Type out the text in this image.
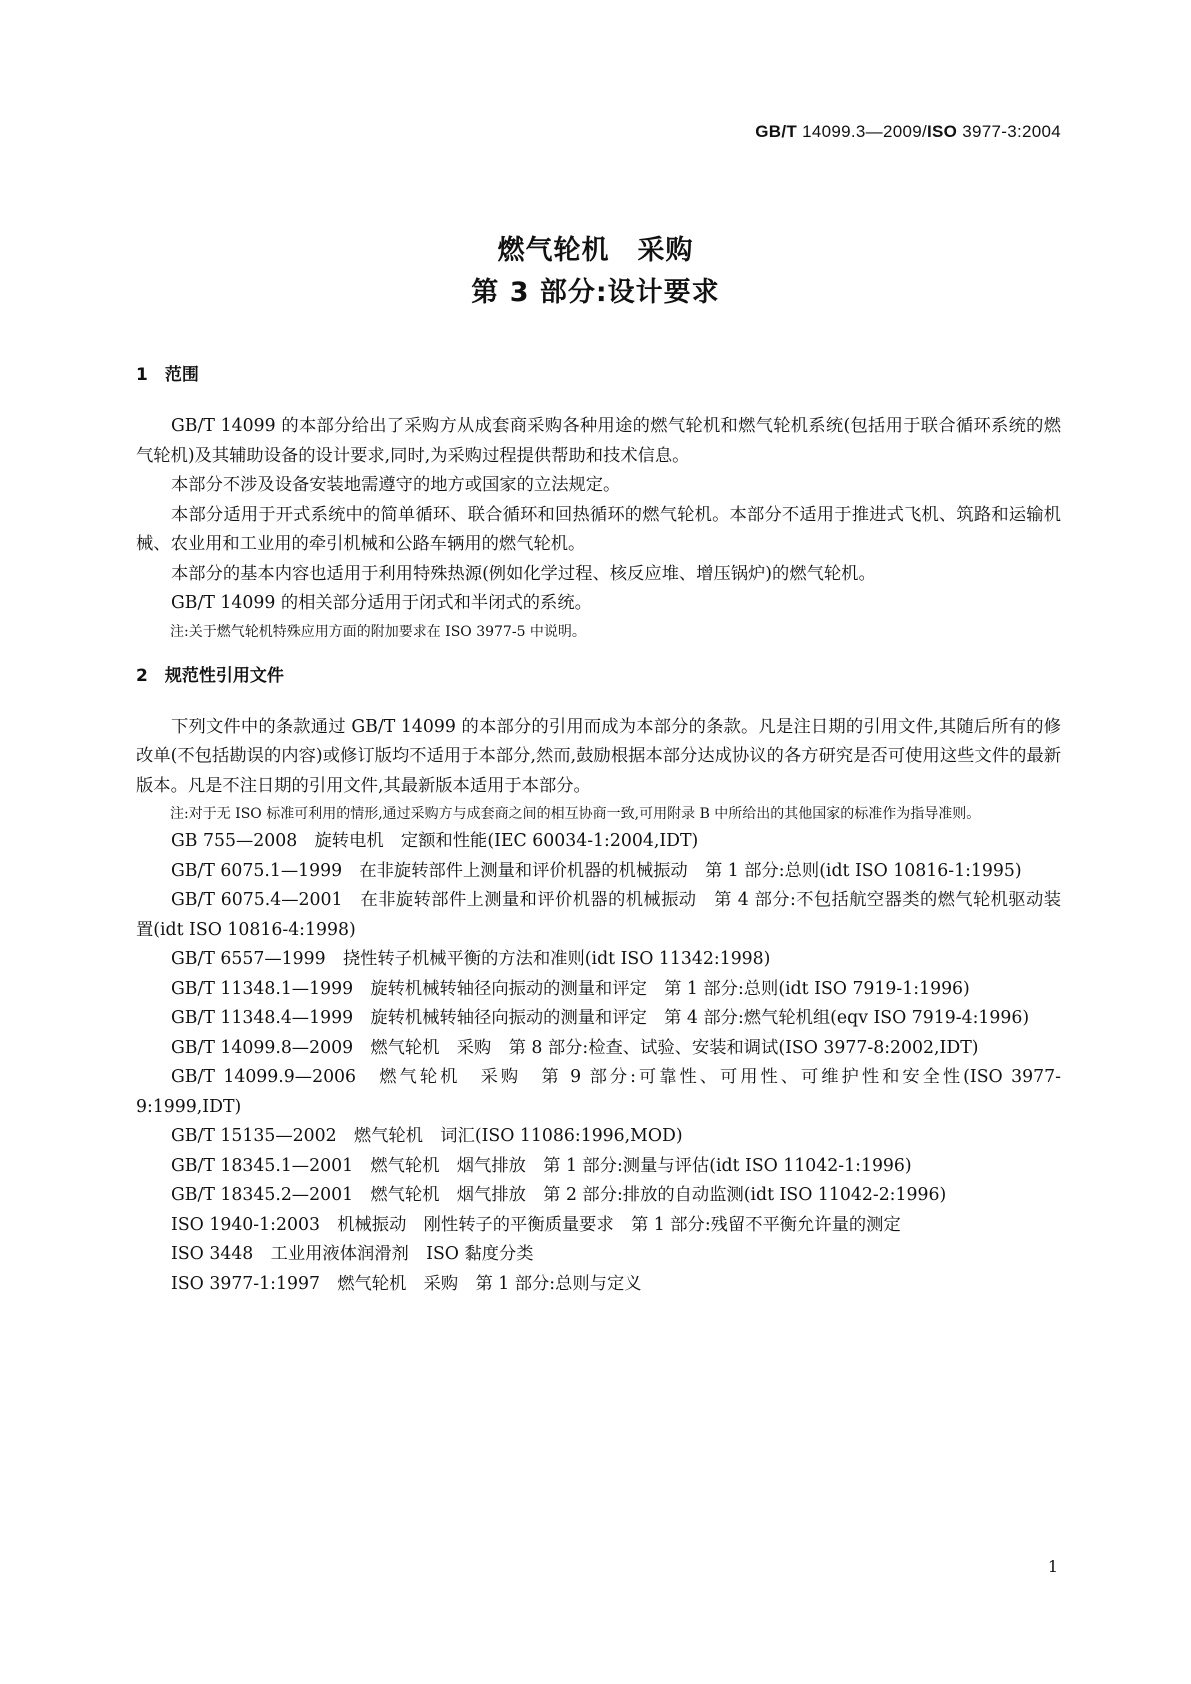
GB/T 14099.3—2009/ISO 3977-3:2004
燃气轮机　采购
第 3 部分:设计要求
1　范围

GB/T 14099 的本部分给出了采购方从成套商采购各种用途的燃气轮机和燃气轮机系统(包括用于联合循环系统的燃气轮机)及其辅助设备的设计要求,同时,为采购过程提供帮助和技术信息。

本部分不涉及设备安装地需遵守的地方或国家的立法规定。

本部分适用于开式系统中的简单循环、联合循环和回热循环的燃气轮机。本部分不适用于推进式飞机、筑路和运输机械、农业用和工业用的牵引机械和公路车辆用的燃气轮机。

本部分的基本内容也适用于利用特殊热源(例如化学过程、核反应堆、增压锅炉)的燃气轮机。

GB/T 14099 的相关部分适用于闭式和半闭式的系统。

注:关于燃气轮机特殊应用方面的附加要求在 ISO 3977-5 中说明。

2　规范性引用文件

下列文件中的条款通过 GB/T 14099 的本部分的引用而成为本部分的条款。凡是注日期的引用文件,其随后所有的修改单(不包括勘误的内容)或修订版均不适用于本部分,然而,鼓励根据本部分达成协议的各方研究是否可使用这些文件的最新版本。凡是不注日期的引用文件,其最新版本适用于本部分。

注:对于无 ISO 标准可利用的情形,通过采购方与成套商之间的相互协商一致,可用附录 B 中所给出的其他国家的标准作为指导准则。

GB 755—2008　旋转电机　定额和性能(IEC 60034-1:2004,IDT)

GB/T 6075.1—1999　在非旋转部件上测量和评价机器的机械振动　第 1 部分:总则(idt ISO 10816-1:1995)

GB/T 6075.4—2001　在非旋转部件上测量和评价机器的机械振动　第 4 部分:不包括航空器类的燃气轮机驱动装置(idt ISO 10816-4:1998)

GB/T 6557—1999　挠性转子机械平衡的方法和准则(idt ISO 11342:1998)

GB/T 11348.1—1999　旋转机械转轴径向振动的测量和评定　第 1 部分:总则(idt ISO 7919-1:1996)

GB/T 11348.4—1999　旋转机械转轴径向振动的测量和评定　第 4 部分:燃气轮机组(eqv ISO 7919-4:1996)

GB/T 14099.8—2009　燃气轮机　采购　第 8 部分:检查、试验、安装和调试(ISO 3977-8:2002,IDT)

GB/T 14099.9—2006　燃气轮机　采购　第 9 部分:可靠性、可用性、可维护性和安全性(ISO 3977-9:1999,IDT)

GB/T 15135—2002　燃气轮机　词汇(ISO 11086:1996,MOD)

GB/T 18345.1—2001　燃气轮机　烟气排放　第 1 部分:测量与评估(idt ISO 11042-1:1996)

GB/T 18345.2—2001　燃气轮机　烟气排放　第 2 部分:排放的自动监测(idt ISO 11042-2:1996)

ISO 1940-1:2003　机械振动　刚性转子的平衡质量要求　第 1 部分:残留不平衡允许量的测定

ISO 3448　工业用液体润滑剂　ISO 黏度分类

ISO 3977-1:1997　燃气轮机　采购　第 1 部分:总则与定义

1
